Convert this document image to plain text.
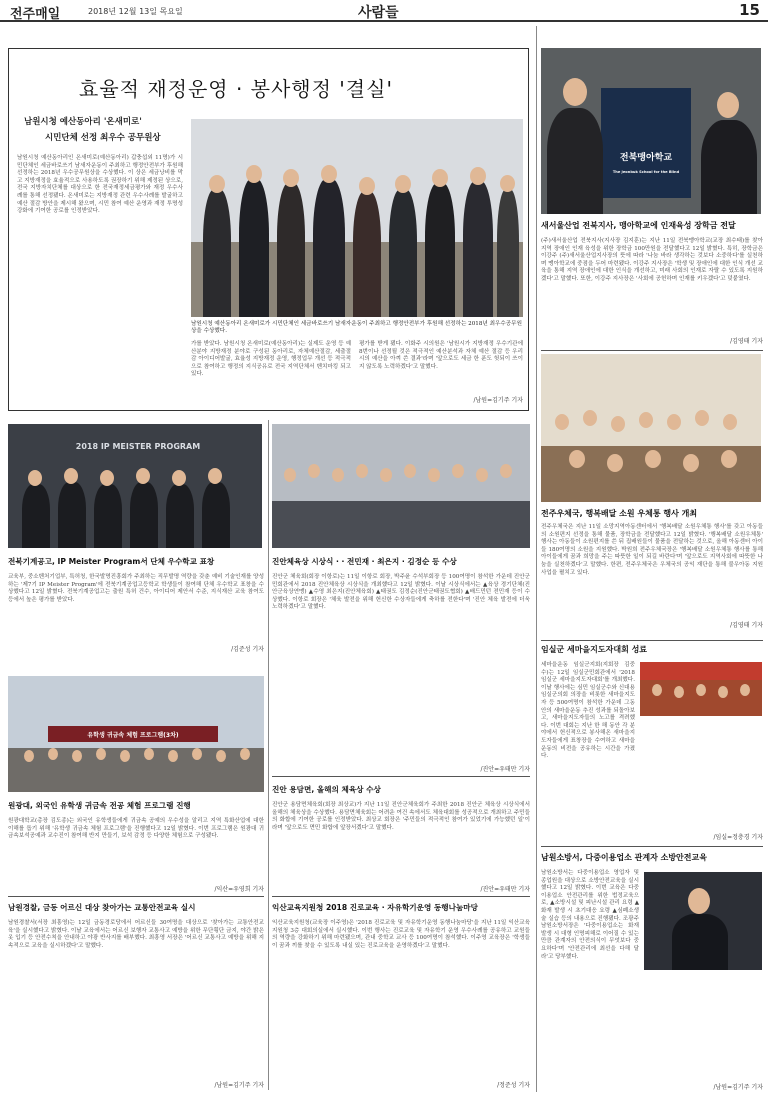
전주매일	2018년 12월 13일 목요일	사람들	15
효율적 재정운영 · 봉사행정 '결실'
남원시청 예산동아리 '온새미로'
시민단체 선정 최우수 공무원상
남원시청 예산동아리인 온새미로(예산동아리) 갑충섭외 11명)가 시민단체인 세금바로쓰기 남새자운동이 주최하고 행정안전부가 후원해 선정하는 2018년 우수공무원상을 수상했다. 이 상은 세금낭비를 막고 지방재정을 효율적으로 사용하도록 권장하기 위해 제정된 상으로, 전국 지방자치단체를 대상으로 한 전국재정세금평가와 재정 우수사례를 통해 선정됐다. 온새미로는 지방재정 관련 우수사례를 발굴하고 예산 절감 방안을 제시해 왔으며, 시민 참여 예산 운영과 재정 투명성 강화에 기여한 공로를 인정받았다.
남원시청 예산동아리 온새미로가 시민단체인 세금바로쓰기 남새자운동이 주최하고 행정안전부가 후원해 선정하는 2018년 최우수공무원상을 수상했다.
가를 받았다. 남원시청 온새미로(예산동아리)는 실제도 운영 등 예산분야 지방재정 분야로 구성된 동아리로, 자체예산절감, 세출절감 아이디어발굴, 효율성 지방재정 운영, 행정업무 개선 등 적극적으로 참여하고 행정의 지식공유로 전국 지역단체서 벤치마킹 되고 있다.
평가를 받게 됐다. 이화주 시의원은 '남원시가 지방재정 우수기관에 8번이나 선정될 것은 적극적인 예산분석과 자체 예산 절감 등 우리시의 예산을 아껴 쓴 결과'라며 '앞으로도 세금 한 푼도 헛되이 쓰이지 않도록 노력하겠다'고 말했다.
/남원=김기주 기자
전북맹아학교
The Jeonbuk School for the Blind
새서울산업 전북지사, 맹아학교에 인재육성 장학금 전달
(주)새서울산업 전북지사(지사장 김지훈)는 지난 11일 전북맹아학교(교장 최수태)를 찾아 지역 장애인 인재 육성을 위한 장학금 100만원을 전달했다고 12일 밝혔다. 특히, 장학금은 이강주 (주)새서울산업지사장의 뜻에 따라 '나눔 바라 생각하는 것보다 소중하다'를 실천하며 맹아학교에 중점을 두어 마련됐다. 이강주 지사장은 '학생 및 장애인에 대한 인식 개선 교육을 통해 지역 장애인에 대한 인식을 개선하고, 미래 사회의 인재로 자랄 수 있도록 지원하겠다'고 말했다. 또한, 이강주 지사장은 '사회에 공헌하며 인재를 키우겠다'고 덧붙였다.
/김영태 기자
전주우체국, 행복배달 소원 우체통 행사 개최
전주우체국은 지난 11일 소망지역아동센터에서 '행복배달 소원우체통 행사'를 갖고 아동들의 소원편지 선정을 통해 물품, 장학금을 전달했다고 12일 밝혔다. '행복배달 소원우체통' 행사는 아동들이 소원편지를 쓴 뒤 집배원들이 물품을 전달하는 것으로, 올해 아동센터 아이들 180여명의 소원을 지원했다. 박원희 전주우체국장은 '행복배달 소원우체통 행사를 통해 아이들에게 꿈과 희망을 주는 따뜻한 일이 되길 바란다'며 '앞으로도 지역사회에 따뜻한 나눔을 실천하겠다'고 말했다. 한편, 전주우체국은 우체국의 공익 재단을 통해 불우아동 지원사업을 펼치고 있다.
/김영태 기자
임실군 세마을지도자대회 성료
세마을운동 임실군지회(지회장 김중수)는 12일 임실군민회관에서 '2018 임실군 세마을지도자대회'를 개최했다. 이날 행사에는 심민 임실군수와 신대용 임실군의회 의장을 비롯한 새마을지도자 등 500여명이 참석한 가운데 그동안의 새마을운동 추진 성과를 되돌아보고, 새마을지도자들의 노고를 격려했다. 이번 대회는 지난 한 해 동안 각 분야에서 헌신적으로 봉사해온 새마을지도자들에게 표창장을 수여하고 새마을운동의 비전을 공유하는 시간을 가졌다.
/임실=정충경 기자
남원소방서, 다중이용업소 관계자 소방안전교육
남원소방서는 다중이용업소 영업자 및 종업원을 대상으로 소방안전교육을 실시했다고 12일 밝혔다. 이번 교육은 다중이용업소 안전관리를 위한 법정교육으로, ▲소방시설 및 피난시설 관리 요령 ▲화재 발생 시 초기대응 요령 ▲심폐소생술 실습 등의 내용으로 진행됐다. 조광주 남원소방서장은 '다중이용업소는 화재 발생 시 대형 인명피해로 이어질 수 있는 만큼 관계자의 안전의식이 무엇보다 중요하다'며 '안전관리에 최선을 다해 달라'고 당부했다.
/남원=김기주 기자
2018 IP MEISTER PROGRAM
전북기계공고, IP Meister Program서 단체 우수학교 표창
교육부, 중소벤처기업부, 특허청, 한국발명진흥회가 주최하는 직무발명 역량을 갖춘 예비 기술인재를 양성하는 '제7기 IP Meister Program'에 전북기계공업고등학교 학생들이 참여해 단체 우수학교 표창을 수상했다고 12일 밝혔다. 전북기계공업고는 출원 특허 건수, 아이디어 제안서 수준, 지식재산 교육 참여도 등에서 높은 평가를 받았다.
/김준성 기자
유학생 귀금속 체험 프로그램(3차)
원광대, 외국인 유학생 귀금속 전공 체험 프로그램 진행
원광대학교(총장 김도종)는 외국인 유학생들에게 귀금속 공예의 우수성을 알리고 지역 특화산업에 대한 이해를 돕기 위해 '유학생 귀금속 체험 프로그램'을 진행했다고 12일 밝혔다. 이번 프로그램은 원광대 귀금속보석공예과 교수진이 참여해 반지 만들기, 보석 감정 등 다양한 체험으로 구성됐다.
/익산=우영희 기자
남원경찰, 금동 어르신 대상 찾아가는 교통안전교육 실시
남원경찰서(서장 최흥영)는 12일 금동경로당에서 어르신들 30여명을 대상으로 '찾아가는 교통안전교육'을 실시했다고 밝혔다. 이날 교육에서는 어르신 보행자 교통사고 예방을 위한 무단횡단 금지, 야간 밝은 옷 입기 등 안전수칙을 안내하고 야광 반사지를 배부했다. 최흥영 서장은 '어르신 교통사고 예방을 위해 지속적으로 교육을 실시하겠다'고 말했다.
/남원=김기주 기자
진안체육상 시상식 · · 전민재 · 최은지 · 김정순 등 수상
진안군 체육회(회장 이항로)는 11일 이항로 회장, 박주윤 수석부회장 등 100여명이 참석한 가운데 진안군민회관에서 2018 진안체육상 시상식을 개최했다고 12일 밝혔다. 이날 시상식에서는 ▲육상 경기단체(진안군육상연맹) ▲수영 최은지(진안체육회) ▲태권도 김정순(진안군태권도협회) ▲배드민턴 전민재 등이 수상했다. 이항로 회장은 '체육 발전을 위해 헌신한 수상자들에게 축하를 전한다'며 '진안 체육 발전에 더욱 노력하겠다'고 말했다.
/진안=우태만 기자
진안 용담면, 올해의 체육상 수상
진안군 용담면체육회(회장 최상교)가 지난 11일 진안군체육회가 주최한 2018 진안군 체육상 시상식에서 올해의 체육상을 수상했다. 용담면체육회는 어려운 여건 속에서도 체육대회를 성공적으로 개최하고 주민들의 화합에 기여한 공로를 인정받았다. 최상교 회장은 '주민들의 적극적인 참여가 있었기에 가능했던 일'이라며 '앞으로도 면민 화합에 앞장서겠다'고 말했다.
/진안=우태만 기자
익산교육지원청 2018 진로교육 · 자유학기운영 동행나눔마당
익산교육지원청(교육장 이주영)은 '2018 진로교육 및 자유학기운영 동행나눔마당'을 지난 11일 익산교육지원청 3층 대회의실에서 실시했다. 이번 행사는 진로교육 및 자유학기 운영 우수사례를 공유하고 교원들의 역량을 강화하기 위해 마련됐으며, 관내 중학교 교사 등 100여명이 참석했다. 이주영 교육장은 '학생들이 꿈과 끼를 찾을 수 있도록 내실 있는 진로교육을 운영하겠다'고 말했다.
/정준성 기자
